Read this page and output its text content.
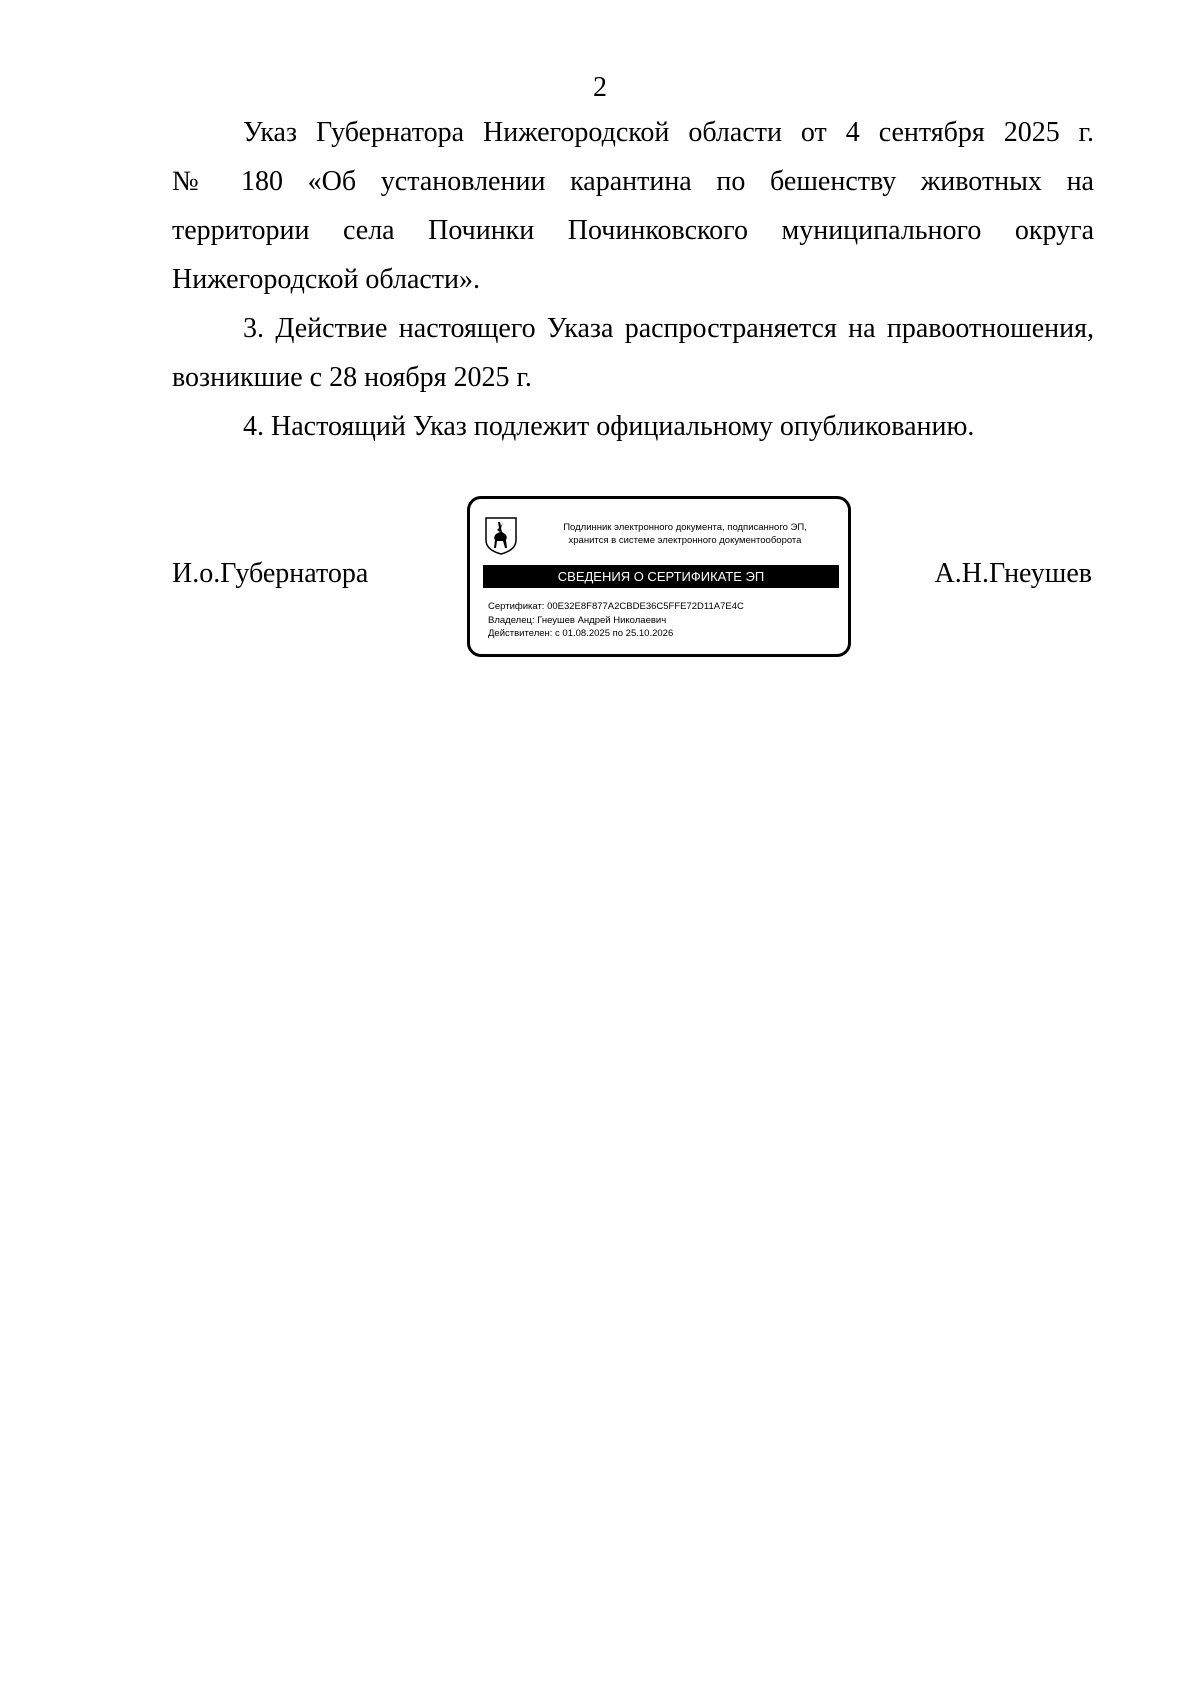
2
Указ Губернатора Нижегородской области от 4 сентября 2025 г.
№ 180 «Об установлении карантина по бешенству животных на
территории села Починки Починковского муниципального округа
Нижегородской области».
3. Действие настоящего Указа распространяется на правоотношения,
возникшие с 28 ноября 2025 г.
4. Настоящий Указ подлежит официальному опубликованию.
И.о.Губернатора	А.Н.Гнеушев
Подлинник электронного документа, подписанного ЭП,
хранится в системе электронного документооборота
СВЕДЕНИЯ О СЕРТИФИКАТЕ ЭП
Сертификат: 00E32E8F877A2CBDE36C5FFE72D11A7E4C
Владелец: Гнеушев Андрей Николаевич
Действителен: с 01.08.2025 по 25.10.2026
